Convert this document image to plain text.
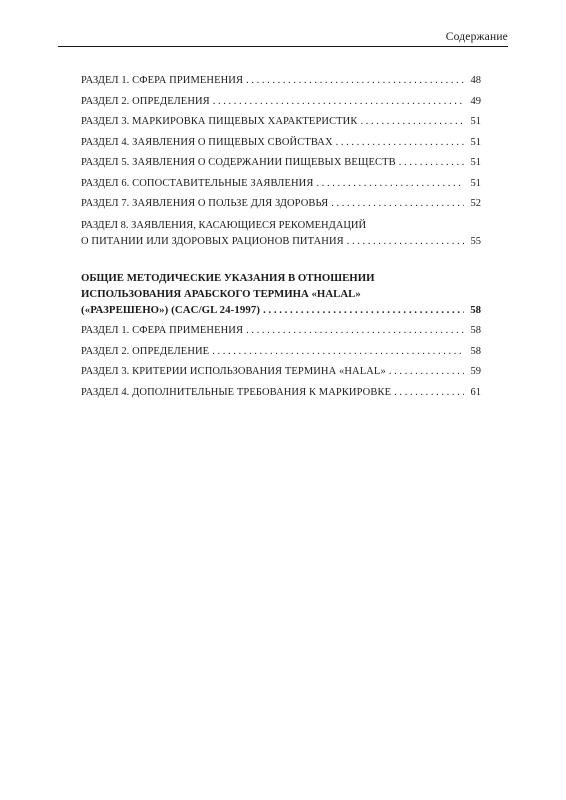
Содержание
РАЗДЕЛ 1. СФЕРА ПРИМЕНЕНИЯ . . .	48
РАЗДЕЛ 2. ОПРЕДЕЛЕНИЯ . . .	49
РАЗДЕЛ 3. МАРКИРОВКА ПИЩЕВЫХ ХАРАКТЕРИСТИК . . .	51
РАЗДЕЛ 4. ЗАЯВЛЕНИЯ О ПИЩЕВЫХ СВОЙСТВАХ . . .	51
РАЗДЕЛ 5. ЗАЯВЛЕНИЯ О СОДЕРЖАНИИ ПИЩЕВЫХ ВЕЩЕСТВ . . .	51
РАЗДЕЛ 6. СОПОСТАВИТЕЛЬНЫЕ ЗАЯВЛЕНИЯ . . .	51
РАЗДЕЛ 7. ЗАЯВЛЕНИЯ О ПОЛЬЗЕ ДЛЯ ЗДОРОВЬЯ . . .	52
РАЗДЕЛ 8. ЗАЯВЛЕНИЯ, КАСАЮЩИЕСЯ РЕКОМЕНДАЦИЙ
О ПИТАНИИ ИЛИ ЗДОРОВЫХ РАЦИОНОВ ПИТАНИЯ . . .	55
ОБЩИЕ МЕТОДИЧЕСКИЕ УКАЗАНИЯ В ОТНОШЕНИИ
ИСПОЛЬЗОВАНИЯ АРАБСКОГО ТЕРМИНА «HALAL»
(«РАЗРЕШЕНО») (CAC/GL 24-1997) . . .	58
РАЗДЕЛ 1. СФЕРА ПРИМЕНЕНИЯ . . .	58
РАЗДЕЛ 2. ОПРЕДЕЛЕНИЕ . . .	58
РАЗДЕЛ 3. КРИТЕРИИ ИСПОЛЬЗОВАНИЯ ТЕРМИНА «HALAL» . . .	59
РАЗДЕЛ 4. ДОПОЛНИТЕЛЬНЫЕ ТРЕБОВАНИЯ К МАРКИРОВКЕ . . .	61
